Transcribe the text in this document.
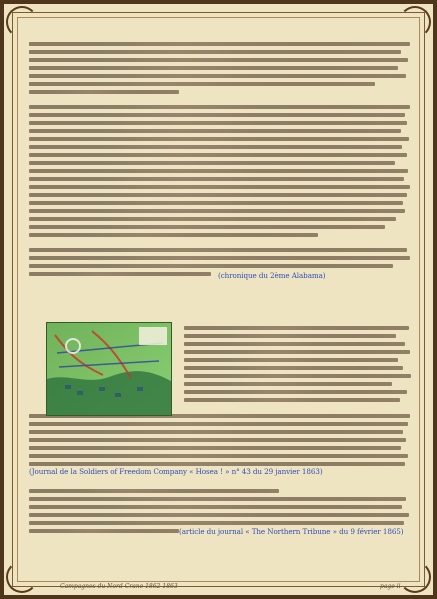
(chronique du 2ème Alabama)
(Journal de la Soldiers of Freedom Company « Hosea ! » n° 43 du 29 janvier 1863)
(article du journal « The Northern Tribune » du 9 février 1865)
Campagnes du Nord-Crane 1862-1863	page ii
